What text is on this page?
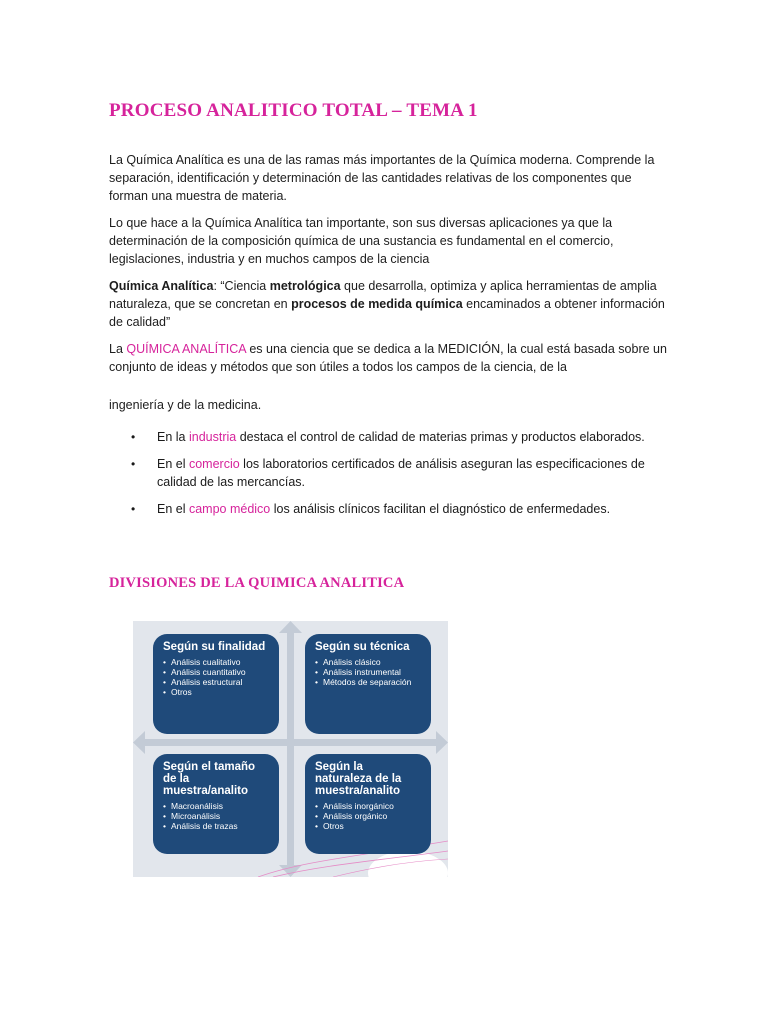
PROCESO ANALITICO TOTAL – TEMA 1

La Química Analítica es una de las ramas más importantes de la Química moderna. Comprende la separación, identificación y determinación de las cantidades relativas de los componentes que forman una muestra de materia.

Lo que hace a la Química Analítica tan importante, son sus diversas aplicaciones ya que la determinación de la composición química de una sustancia es fundamental en el comercio, legislaciones, industria y en muchos campos de la ciencia

Química Analítica: “Ciencia metrológica que desarrolla, optimiza y aplica herramientas de amplia naturaleza, que se concretan en procesos de medida química encaminados a obtener información de calidad”

La QUÍMICA ANALÍTICA es una ciencia que se dedica a la MEDICIÓN, la cual está basada sobre un conjunto de ideas y métodos que son útiles a todos los campos de la ciencia, de la

ingeniería y de la medicina.

• En la industria destaca el control de calidad de materias primas y productos elaborados.
• En el comercio los laboratorios certificados de análisis aseguran las especificaciones de calidad de las mercancías.
• En el campo médico los análisis clínicos facilitan el diagnóstico de enfermedades.
DIVISIONES DE LA QUIMICA ANALITICA
Según su finalidad
• Análisis cualitativo
• Análisis cuantitativo
• Análisis estructural
• Otros
Según su técnica
• Análisis clásico
• Análisis instrumental
• Métodos de separación
Según el tamaño de la muestra/analito
• Macroanálisis
• Microanálisis
• Análisis de trazas
Según la naturaleza de la muestra/analito
• Análisis inorgánico
• Análisis orgánico
• Otros
